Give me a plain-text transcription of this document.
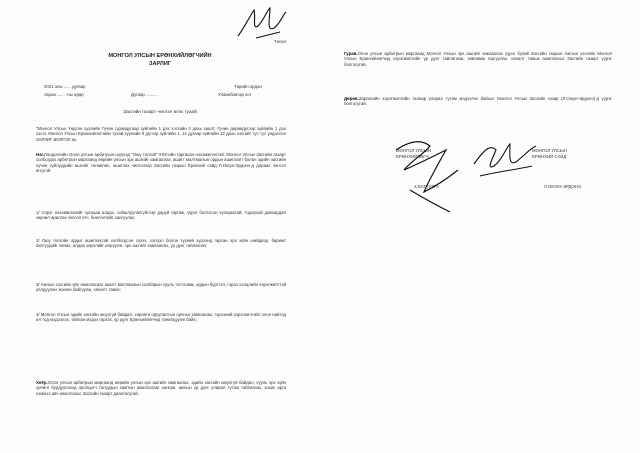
Төсөл
МОНГОЛ УЛСЫН ЕРӨНХИЙЛӨГЧИЙН
ЗАРЛИГ
2021 оны ...... дугаар
сарын ...... -ны өдөр	Дугаар ..........
Төрийн ордон
Улаанбаатар хот
Засгийн газарт чиглэл өгөх тухай
"Монгол Улсын Үндсэн хуулийн Гучин гуравдугаар зүйлийн 1 дэх хэсгийн 3 дахь заалт, Гучин дөрөвдүгээр зүйлийн 1 дэх хэсэг, Монгол Улсын Ерөнхийлөгчийн тухай хуулийн 9 дүгээр зүйлийн 1, 12 дугаар зүйлийн 12 дахь хэсгийг тус тус үндэслэн ЗАРЛИГ БОЛГОХ нь:
Нэг.Лондонгийн Олон улсын арбитрын шүүхэд "Оюу толгой" ХХК-ийн гаргасан нэхэмжлэлтэй, Монгол Улсын Засгийн газарт холбогдох арбитрын маргаанд өөрийн улсын эрх ашгийг хамгаалах, ашигт малтмалын ордын ашиглалт болон эдийн засгийн хүчин зүйлүүдийн ашгийг төлөвлөх, ашиглах чиглэлээр Засгийн газрын Ерөнхий сайд Л.Оюун-Эрдэнэ-д дараах чиглэл өгсүгэй:
1/ Сэрэг нэхэмжлэлийг хугацаа алдах, хойшлуулахгүйгээр даруй гаргаж, үүрэг болгосон хугацаатай, тодорхой давхардал зөрчил арилгах чиглэл өгч, биелэлтийг хангуулах;
2/ Оюу толгойн ордыг ашиглахтай холбогдсон гэрээ, хэлцэл болон түүний хүрээнд гарсан эрх зүйн шийдвэр, баримт бичгүүдийг хянах, алдаа зөрчлийг илрүүлж, эрх ашгийг хамгаалах, үр дүнг тайлагнах;
3/ Ажлын хэсгийн үйл ажиллагааг ашигт малтмалын салбарын хууль тогтоомж, ордын бүртгэл, гэрээ хэлцлийн хэрэгжилттэй уялдуулан зохион байгуулж, хяналт тавих;
4/ Монгол Улсын эдийн засгийн аюулгүй байдал, хөрөнгө оруулалтын орчныг хамгаалах, гэрээний хэрэгжилтийг олон нийтэд ил тод мэдээлэх, тайлан мэдээ гаргах, үр дүнг Ерөнхийлөгчид танилцуулж байх;
Хоёр.Олон улсын арбитрын маргаанд өөрийн улсын эрх ашгийг хамгаалах, эдийн засгийн аюулгүй байдал, хууль эрх зүйн орчинг бүрдүүлэхэд оролцогч талуудын хамтын ажиллагааг хангаж, ажлын үр дүнг улирал тутам тайлагнах, зохих арга хэмжээ авч ажиллахыг Засгийн газарт даалгасугай.
Гурав.Олон улсын арбитрын маргаанд Монгол Улсын эрх ашгийг хамгаалах үүрэг бүхий Засгийн газрын Ажлын хэсгийн Монгол Улсын Ерөнхийлөгчид хэрэгжилтийн үр дүнг тайлагнаж, зөвлөмж гаргуулах, хяналт тавьж ажиллахыг Засгийн газарт үүрэг болгосугай.
Дөрөв.Зарлигийн хэрэгжилтийн талаар улирал тутам мэдээлэх байхыг Монгол Улсын Засгийн газар (Л.Оюун-Эрдэнэ)-д үүрэг болгосугай.
МОНГОЛ УЛСЫН
ЕРӨНХИЙЛӨГЧ
Х.БАТТУЛГА
МОНГОЛ УЛСЫН
ЕРӨНХИЙ САЙД
Л.ОЮУН-ЭРДЭНЭ
